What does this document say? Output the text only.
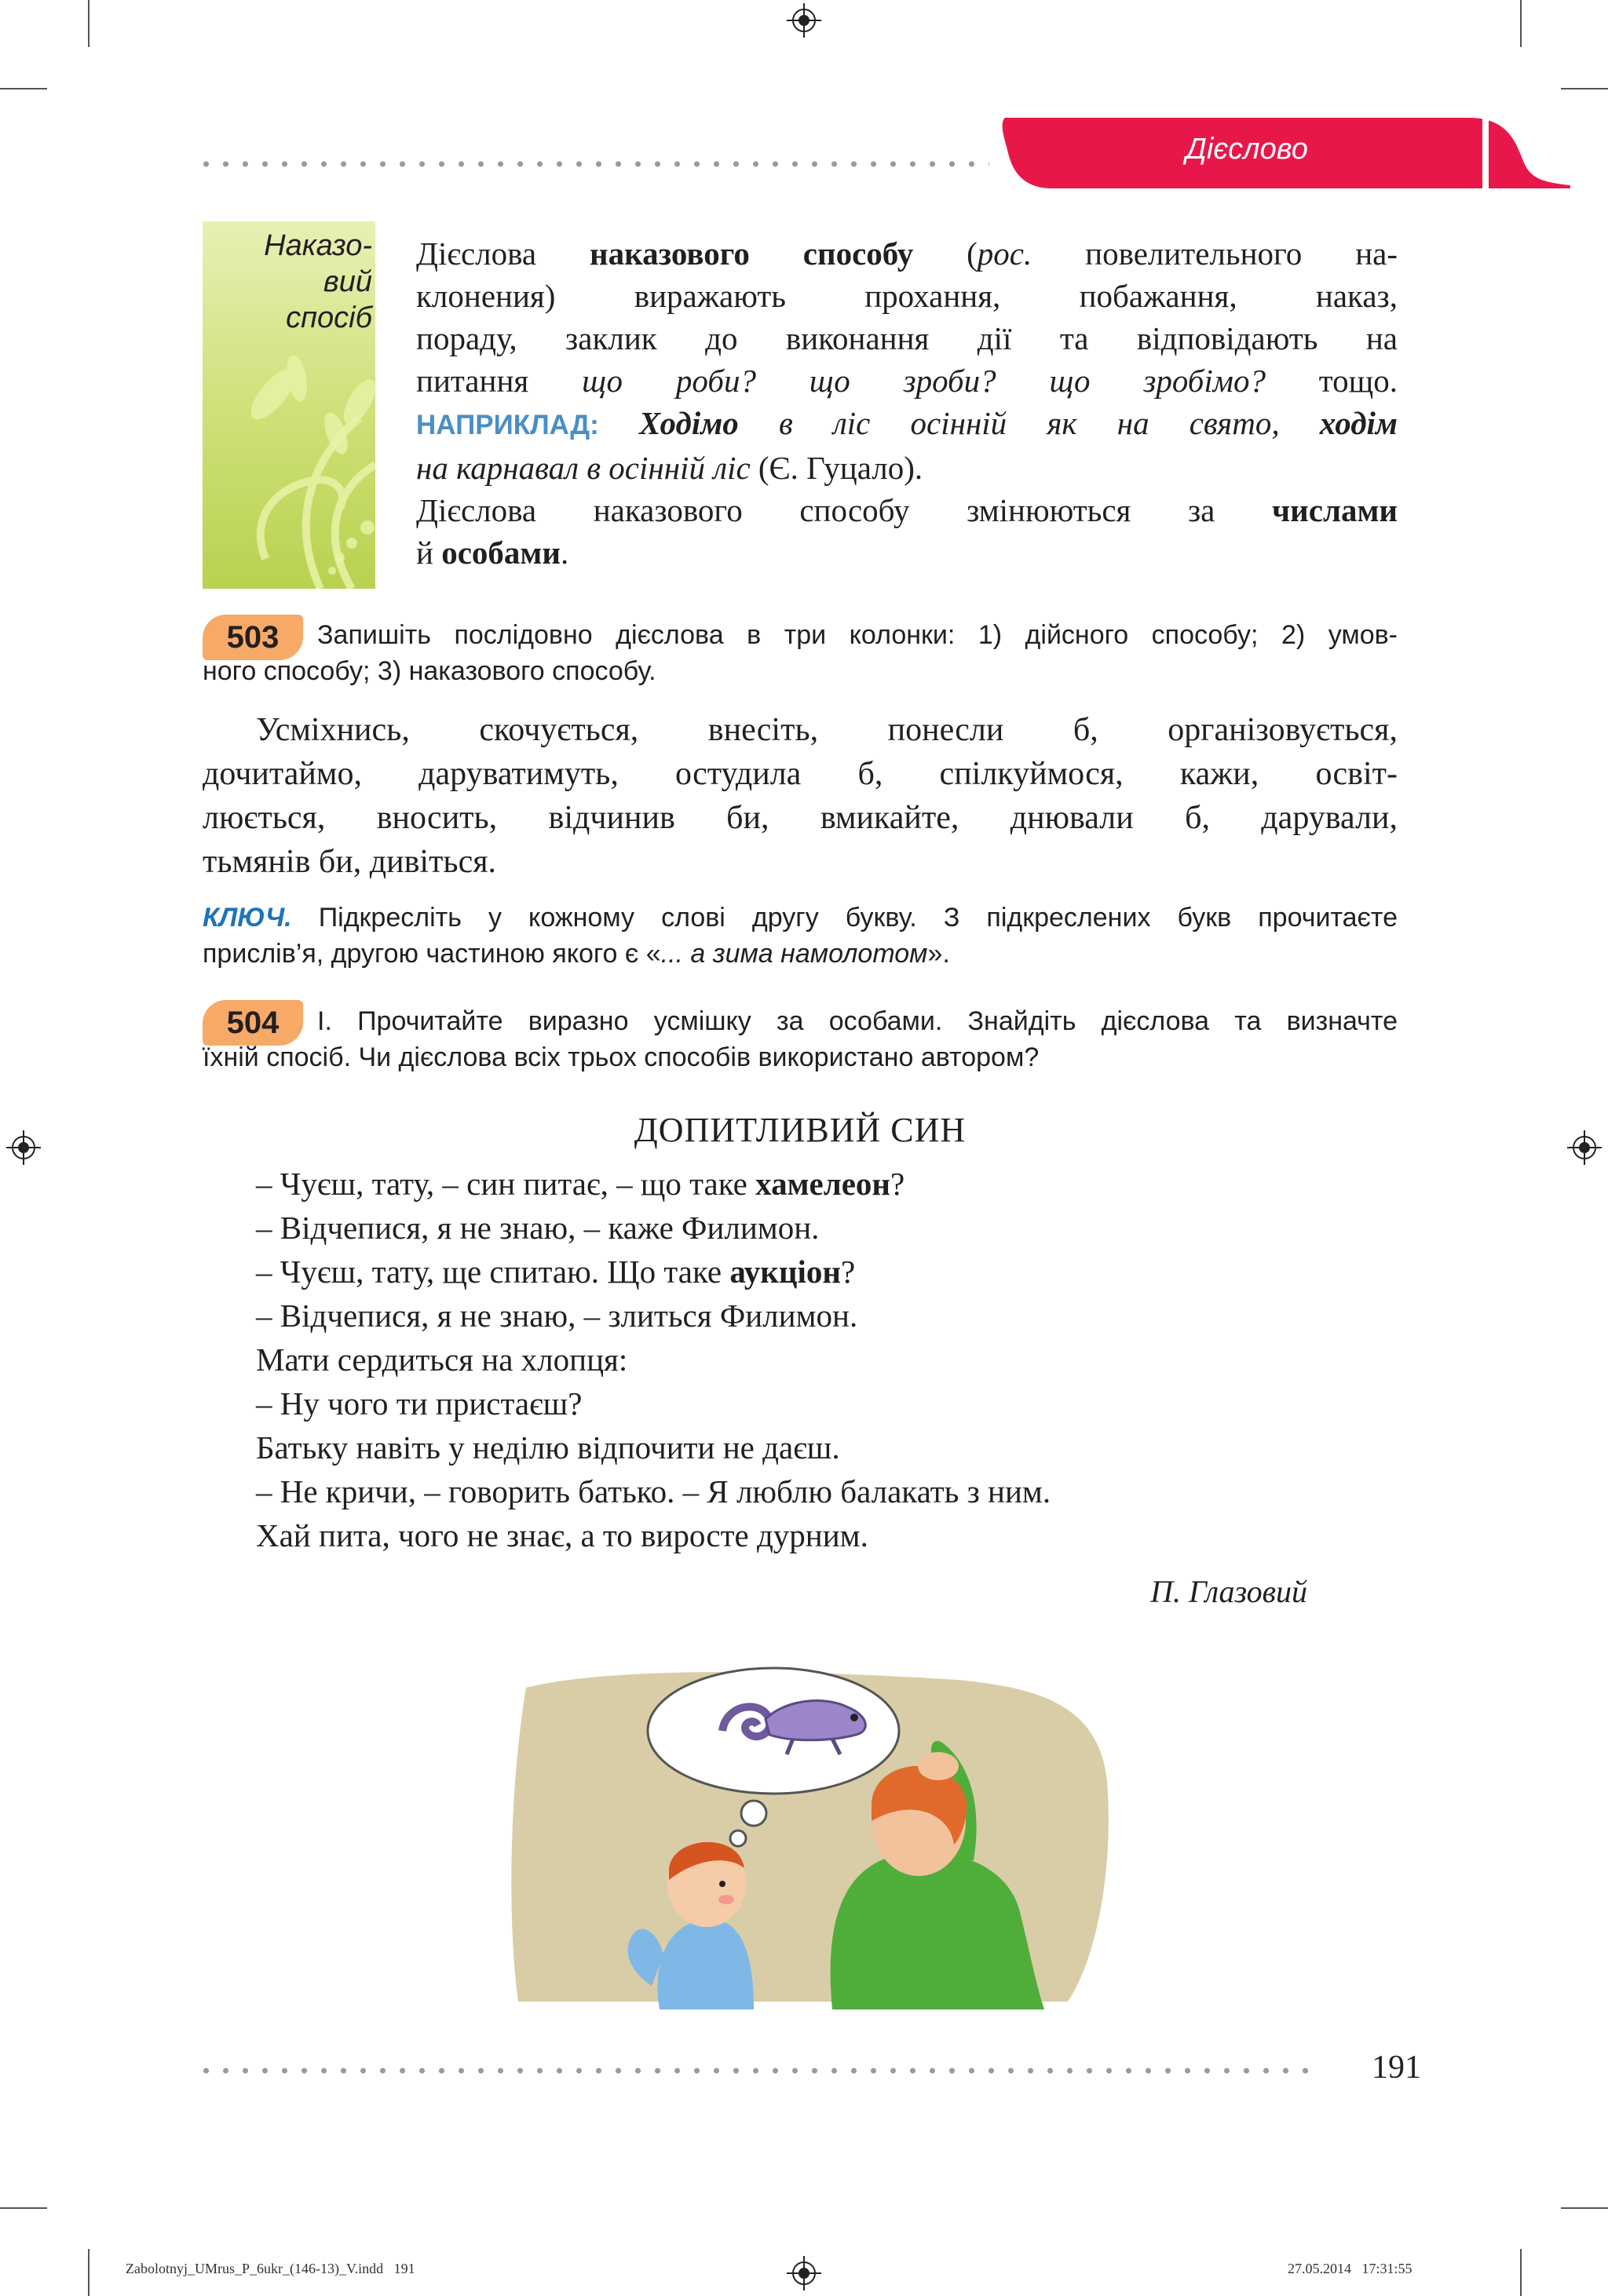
Дієслово
Наказо-
вий
спосіб
Дієслова наказового способу (рос. повелительного на-
клонения) виражають прохання, побажання, наказ,
пораду, заклик до виконання дії та відповідають на
питання що роби? що зроби? що зробімо? тощо.
НАПРИКЛАД: Ходімо в ліс осінній як на свято, ходім
на карнавал в осінній ліс (Є. Гуцало).
Дієслова наказового способу змінюються за числами
й особами.
503	Запишіть послідовно дієслова в три колонки: 1) дійсного способу; 2) умов-
ного способу; 3) наказового способу.
Усміхнись, скочується, внесіть, понесли б, організовується,
дочитаймо, даруватимуть, остудила б, спілкуймося, кажи, освіт-
люється, вносить, відчинив би, вмикайте, днювали б, дарували,
тьмянів би, дивіться.
КЛЮЧ. Підкресліть у кожному слові другу букву. З підкреслених букв прочитаєте
прислів’я, другою частиною якого є «... а зима намолотом».
504	І. Прочитайте виразно усмішку за особами. Знайдіть дієслова та визначте
їхній спосіб. Чи дієслова всіх трьох способів використано автором?
ДОПИТЛИВИЙ СИН
– Чуєш, тату, – син питає, – що таке хамелеон?
– Відчепися, я не знаю, – каже Филимон.
– Чуєш, тату, ще спитаю. Що таке аукціон?
– Відчепися, я не знаю, – злиться Филимон.
Мати сердиться на хлопця:
– Ну чого ти пристаєш?
Батьку навіть у неділю відпочити не даєш.
– Не кричи, – говорить батько. – Я люблю балакать з ним.
Хай пита, чого не знає, а то виросте дурним.
П. Глазовий
191
Zabolotnyj_UMrus_P_6ukr_(146-13)_V.indd   191	27.05.2014 17:31:55
